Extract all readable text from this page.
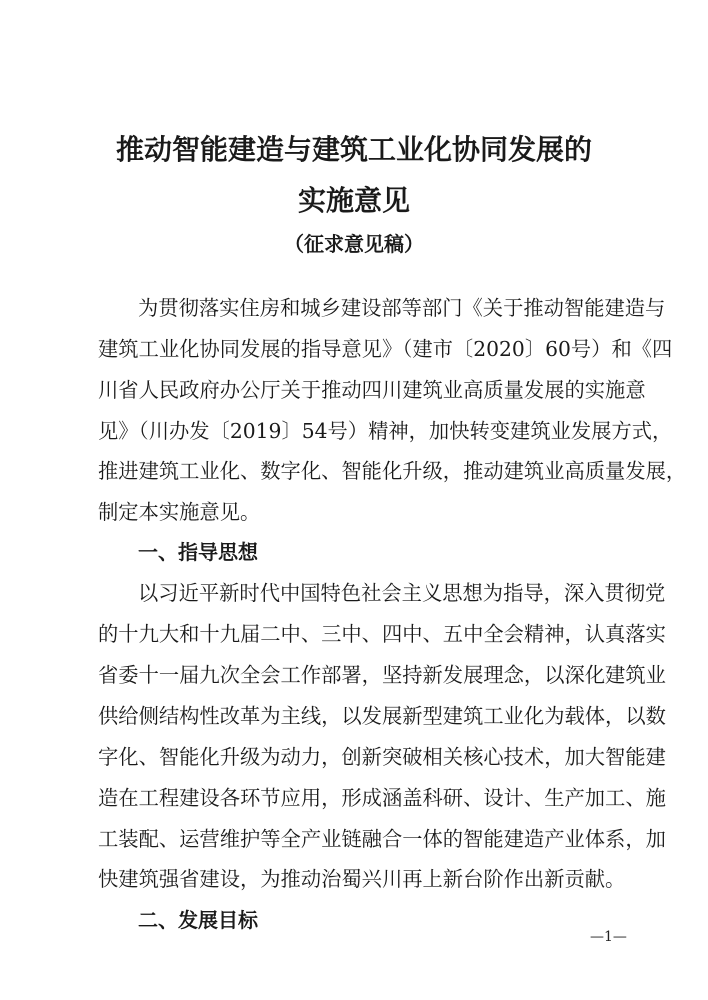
推动智能建造与建筑工业化协同发展的
实施意见
（征求意见稿）
为贯彻落实住房和城乡建设部等部门《关于推动智能建造与
建筑工业化协同发展的指导意见》（建市〔2020〕60号）和《四
川省人民政府办公厅关于推动四川建筑业高质量发展的实施意
见》（川办发〔2019〕54号）精神，加快转变建筑业发展方式，
推进建筑工业化、数字化、智能化升级，推动建筑业高质量发展，
制定本实施意见。
一、指导思想
以习近平新时代中国特色社会主义思想为指导，深入贯彻党
的十九大和十九届二中、三中、四中、五中全会精神，认真落实
省委十一届九次全会工作部署，坚持新发展理念，以深化建筑业
供给侧结构性改革为主线，以发展新型建筑工业化为载体，以数
字化、智能化升级为动力，创新突破相关核心技术，加大智能建
造在工程建设各环节应用，形成涵盖科研、设计、生产加工、施
工装配、运营维护等全产业链融合一体的智能建造产业体系，加
快建筑强省建设，为推动治蜀兴川再上新台阶作出新贡献。
二、发展目标
—1—
